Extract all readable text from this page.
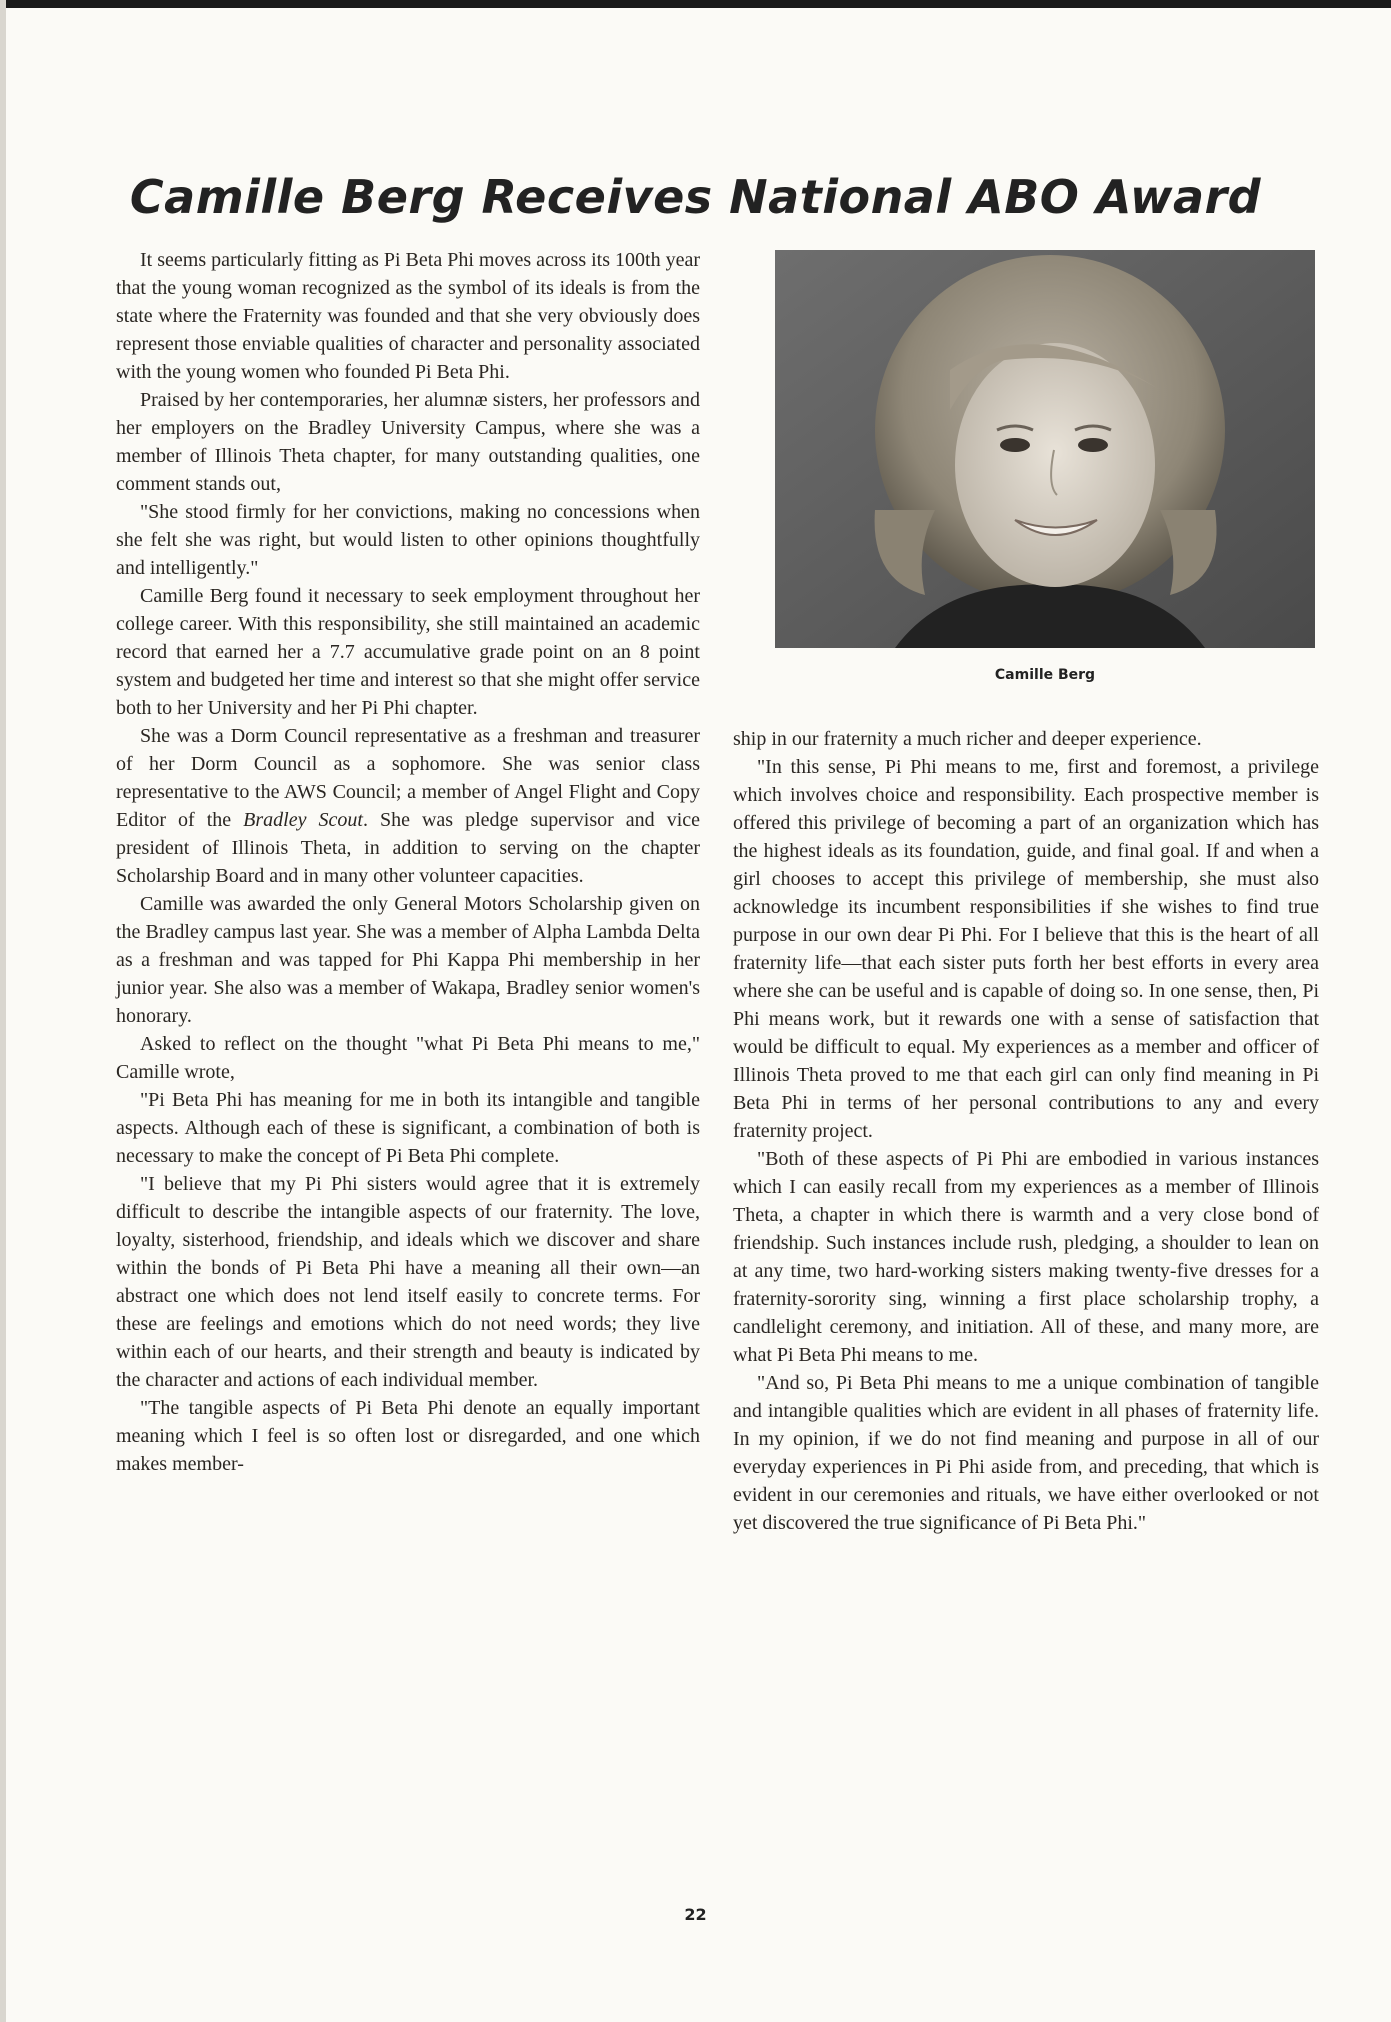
Camille Berg Receives National ABO Award

It seems particularly fitting as Pi Beta Phi moves across its 100th year that the young woman recognized as the symbol of its ideals is from the state where the Fraternity was founded and that she very obviously does represent those enviable qualities of character and personality associated with the young women who founded Pi Beta Phi.

Praised by her contemporaries, her alumnæ sisters, her professors and her employers on the Bradley University Campus, where she was a member of Illinois Theta chapter, for many outstanding qualities, one comment stands out,

"She stood firmly for her convictions, making no concessions when she felt she was right, but would listen to other opinions thoughtfully and intelligently."

Camille Berg found it necessary to seek employment throughout her college career. With this responsibility, she still maintained an academic record that earned her a 7.7 accumulative grade point on an 8 point system and budgeted her time and interest so that she might offer service both to her University and her Pi Phi chapter.

She was a Dorm Council representative as a freshman and treasurer of her Dorm Council as a sophomore. She was senior class representative to the AWS Council; a member of Angel Flight and Copy Editor of the Bradley Scout. She was pledge supervisor and vice president of Illinois Theta, in addition to serving on the chapter Scholarship Board and in many other volunteer capacities.

Camille was awarded the only General Motors Scholarship given on the Bradley campus last year. She was a member of Alpha Lambda Delta as a freshman and was tapped for Phi Kappa Phi membership in her junior year. She also was a member of Wakapa, Bradley senior women's honorary.

Asked to reflect on the thought "what Pi Beta Phi means to me," Camille wrote,

"Pi Beta Phi has meaning for me in both its intangible and tangible aspects. Although each of these is significant, a combination of both is necessary to make the concept of Pi Beta Phi complete.

"I believe that my Pi Phi sisters would agree that it is extremely difficult to describe the intangible aspects of our fraternity. The love, loyalty, sisterhood, friendship, and ideals which we discover and share within the bonds of Pi Beta Phi have a meaning all their own—an abstract one which does not lend itself easily to concrete terms. For these are feelings and emotions which do not need words; they live within each of our hearts, and their strength and beauty is indicated by the character and actions of each individual member.

"The tangible aspects of Pi Beta Phi denote an equally important meaning which I feel is so often lost or disregarded, and one which makes member-

Camille Berg

ship in our fraternity a much richer and deeper experience.

"In this sense, Pi Phi means to me, first and foremost, a privilege which involves choice and responsibility. Each prospective member is offered this privilege of becoming a part of an organization which has the highest ideals as its foundation, guide, and final goal. If and when a girl chooses to accept this privilege of membership, she must also acknowledge its incumbent responsibilities if she wishes to find true purpose in our own dear Pi Phi. For I believe that this is the heart of all fraternity life—that each sister puts forth her best efforts in every area where she can be useful and is capable of doing so. In one sense, then, Pi Phi means work, but it rewards one with a sense of satisfaction that would be difficult to equal. My experiences as a member and officer of Illinois Theta proved to me that each girl can only find meaning in Pi Beta Phi in terms of her personal contributions to any and every fraternity project.

"Both of these aspects of Pi Phi are embodied in various instances which I can easily recall from my experiences as a member of Illinois Theta, a chapter in which there is warmth and a very close bond of friendship. Such instances include rush, pledging, a shoulder to lean on at any time, two hard-working sisters making twenty-five dresses for a fraternity-sorority sing, winning a first place scholarship trophy, a candlelight ceremony, and initiation. All of these, and many more, are what Pi Beta Phi means to me.

"And so, Pi Beta Phi means to me a unique combination of tangible and intangible qualities which are evident in all phases of fraternity life. In my opinion, if we do not find meaning and purpose in all of our everyday experiences in Pi Phi aside from, and preceding, that which is evident in our ceremonies and rituals, we have either overlooked or not yet discovered the true significance of Pi Beta Phi."

22
